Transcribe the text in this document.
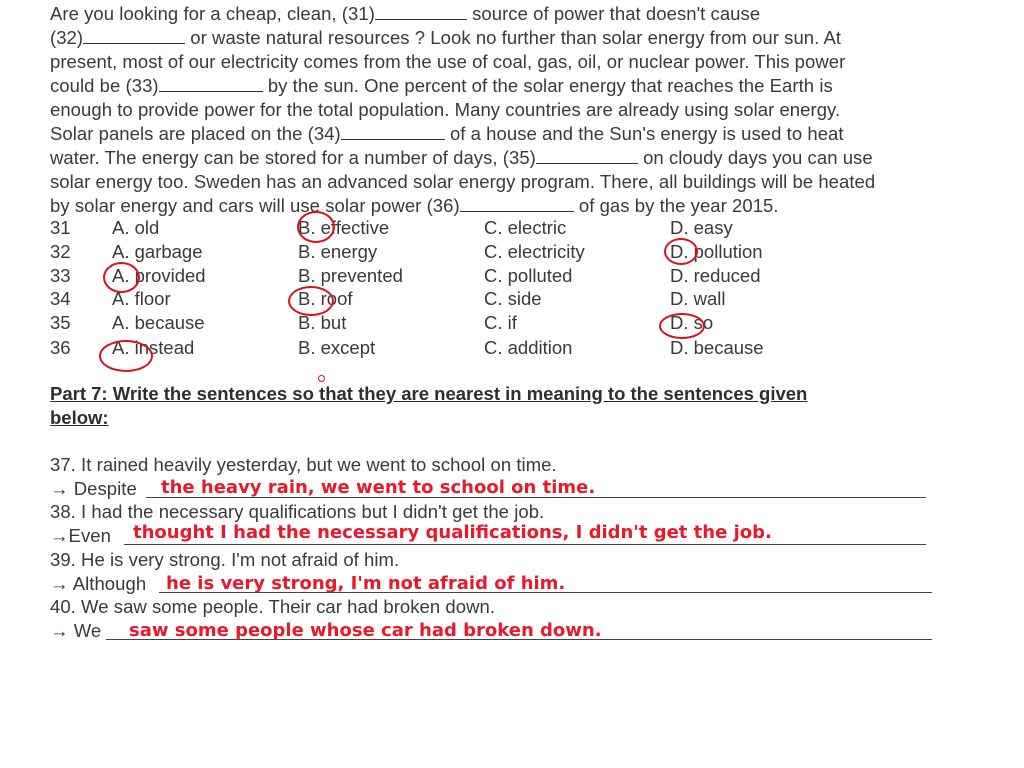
Are you looking for a cheap, clean, (31)	source of power that doesn't cause
(32)	or waste natural resources ? Look no further than solar energy from our sun. At
present, most of our electricity comes from the use of coal, gas, oil, or nuclear power. This power
could be (33)	by the sun. One percent of the solar energy that reaches the Earth is
enough to provide power for the total population. Many countries are already using solar energy.
Solar panels are placed on the (34)	of a house and the Sun's energy is used to heat
water. The energy can be stored for a number of days, (35)	on cloudy days you can use
solar energy too. Sweden has an advanced solar energy program. There, all buildings will be heated
by solar energy and cars will use solar power (36)	of gas by the year 2015.
31 A. old	B. effective	C. electric	D. easy
32 A. garbage	B. energy	C. electricity	D. pollution
33 A. provided	B. prevented	C. polluted	D. reduced
34 A. floor	B. roof	C. side	D. wall
35 A. because	B. but	C. if	D. so
36 A. instead	B. except	C. addition	D. because
Part 7: Write the sentences so that they are nearest in meaning to the sentences given
below:
37. It rained heavily yesterday, but we went to school on time.
→ Despite the heavy rain, we went to school on time.
38. I had the necessary qualifications but I didn't get the job.
→Even thought I had the necessary qualifications, I didn't get the job.
39. He is very strong. I'm not afraid of him.
→ Although he is very strong, I'm not afraid of him.
40. We saw some people. Their car had broken down.
→ We saw some people whose car had broken down.
